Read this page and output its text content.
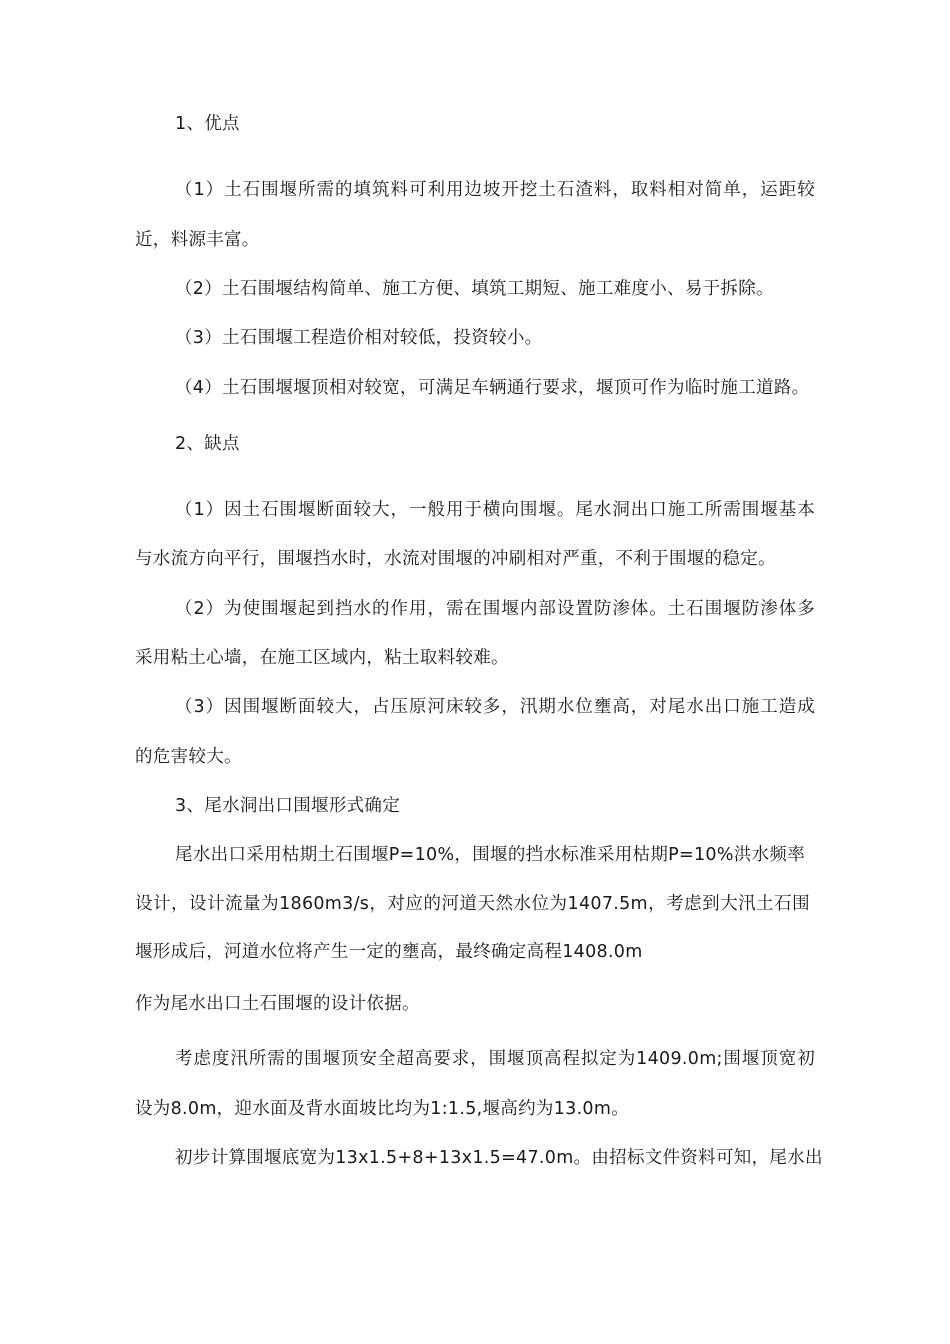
1、优点
（1）土石围堰所需的填筑料可利用边坡开挖土石渣料，取料相对简单，运距较
近，料源丰富。
（2）土石围堰结构简单、施工方便、填筑工期短、施工难度小、易于拆除。
（3）土石围堰工程造价相对较低，投资较小。
（4）土石围堰堰顶相对较宽，可满足车辆通行要求，堰顶可作为临时施工道路。
2、缺点
（1）因土石围堰断面较大，一般用于横向围堰。尾水洞出口施工所需围堰基本
与水流方向平行，围堰挡水时，水流对围堰的冲刷相对严重，不利于围堰的稳定。
（2）为使围堰起到挡水的作用，需在围堰内部设置防渗体。土石围堰防渗体多
采用粘土心墙，在施工区域内，粘土取料较难。
（3）因围堰断面较大，占压原河床较多，汛期水位壅高，对尾水出口施工造成
的危害较大。
3、尾水洞出口围堰形式确定
尾水出口采用枯期土石围堰P=10%，围堰的挡水标准采用枯期P=10%洪水频率
设计，设计流量为1860m3/s，对应的河道天然水位为1407.5m，考虑到大汛土石围
堰形成后，河道水位将产生一定的壅高，最终确定高程1408.0m
作为尾水出口土石围堰的设计依据。
考虑度汛所需的围堰顶安全超高要求，围堰顶高程拟定为1409.0m;围堰顶宽初
设为8.0m，迎水面及背水面坡比均为1:1.5,堰高约为13.0m。
初步计算围堰底宽为13x1.5+8+13x1.5=47.0m。由招标文件资料可知，尾水出
